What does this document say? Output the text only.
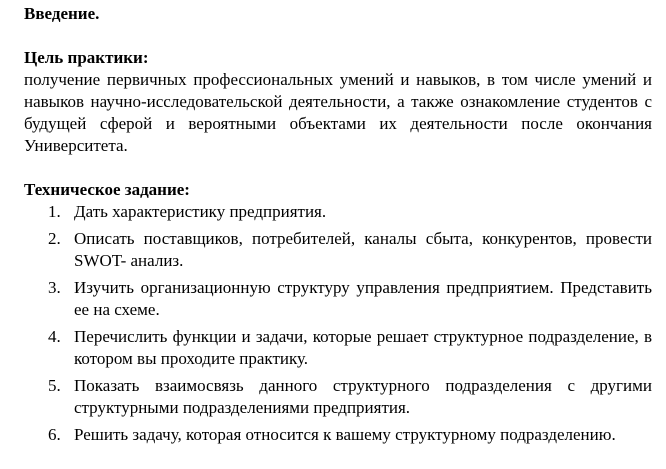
Введение.

Цель практики:

получение первичных профессиональных умений и навыков, в том числе умений и навыков научно-исследовательской деятельности, а также ознакомление студентов с будущей сферой и вероятными объектами их деятельности после окончания Университета.

Техническое задание:

1. Дать характеристику предприятия.
2. Описать поставщиков, потребителей, каналы сбыта, конкурентов, провести SWOT- анализ.
3. Изучить организационную структуру управления предприятием. Представить ее на схеме.
4. Перечислить функции и задачи, которые решает структурное подразделение, в котором вы проходите практику.
5. Показать взаимосвязь данного структурного подразделения с другими структурными подразделениями предприятия.
6. Решить задачу, которая относится к вашему структурному подразделению.
